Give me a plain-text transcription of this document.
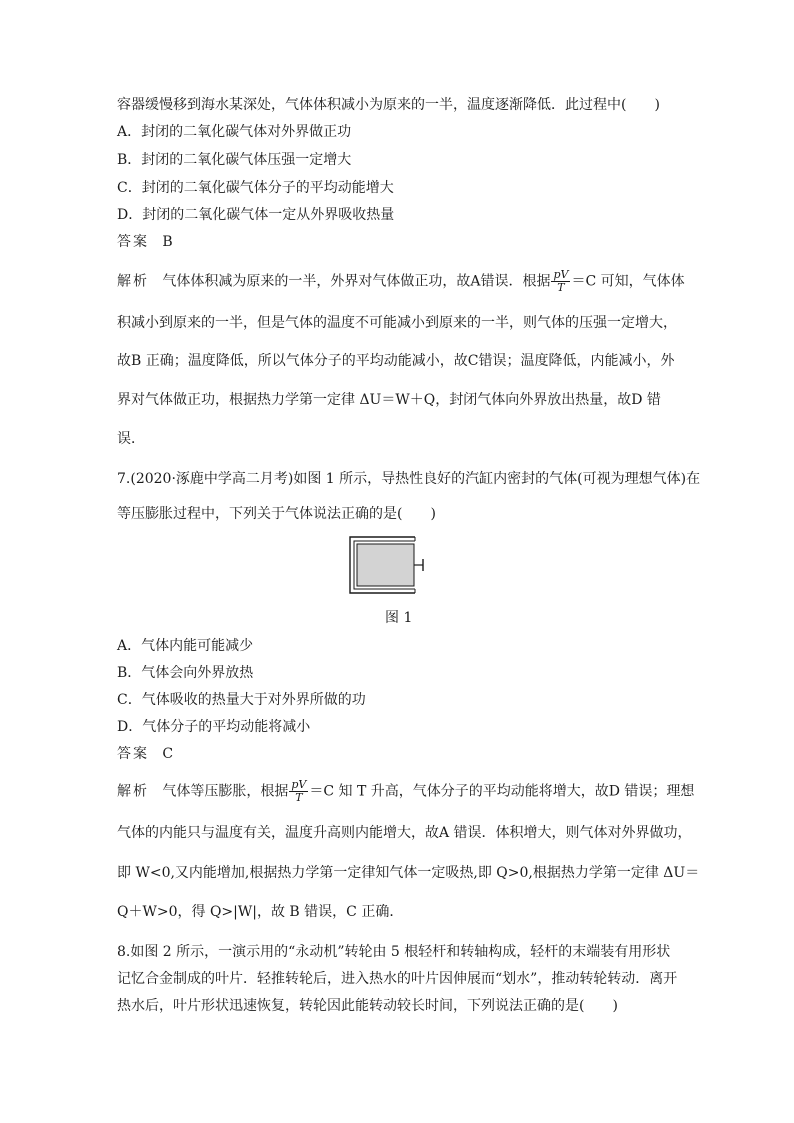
容器缓慢移到海水某深处，气体体积减小为原来的一半，温度逐渐降低．此过程中(　　)
A．封闭的二氧化碳气体对外界做正功
B．封闭的二氧化碳气体压强一定增大
C．封闭的二氧化碳气体分子的平均动能增大
D．封闭的二氧化碳气体一定从外界吸收热量
答案 B
解析 气体体积减为原来的一半，外界对气体做正功，故A错误．根据 $\frac{pV}{T} =C$ 可知，气体体
积减小到原来的一半，但是气体的温度不可能减小到原来的一半，则气体的压强一定增大，
故B 正确；温度降低，所以气体分子的平均动能减小，故C错误；温度降低，内能减小，外
界对气体做正功，根据热力学第一定律 ΔU＝W＋Q，封闭气体向外界放出热量，故D 错
误．
7.(2020·涿鹿中学高二月考)如图 1 所示，导热性良好的汽缸内密封的气体(可视为理想气体)在
等压膨胀过程中，下列关于气体说法正确的是(　　)
图 1
A．气体内能可能减少
B．气体会向外界放热
C．气体吸收的热量大于对外界所做的功
D．气体分子的平均动能将减小
答案 C
解析 气体等压膨胀，根据 $\frac{pV}{T} =C$ 知 T 升高，气体分子的平均动能将增大，故D 错误；理想
气体的内能只与温度有关，温度升高则内能增大，故A 错误．体积增大，则气体对外界做功，
即 W<0,又内能增加,根据热力学第一定律知气体一定吸热,即 Q>0,根据热力学第一定律 ΔU＝
Q＋W>0，得 Q>|W|，故 B 错误，C 正确．
8.如图 2 所示，一演示用的“永动机”转轮由 5 根轻杆和转轴构成，轻杆的末端装有用形状
记忆合金制成的叶片．轻推转轮后，进入热水的叶片因伸展而“划水”，推动转轮转动．离开
热水后，叶片形状迅速恢复，转轮因此能转动较长时间，下列说法正确的是(　　)
